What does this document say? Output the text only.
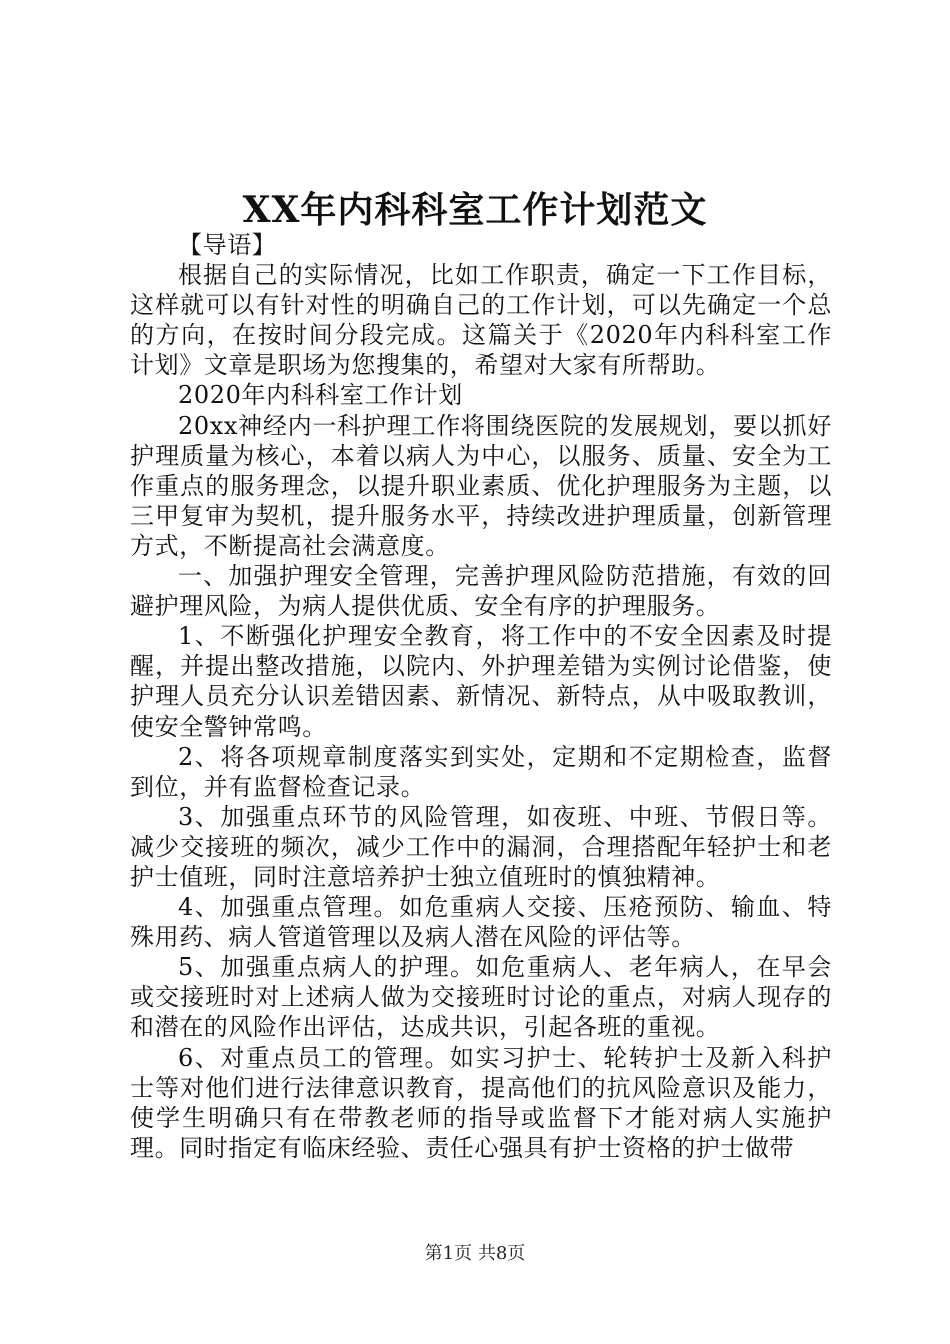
XX年内科科室工作计划范文

【导语】

根据自己的实际情况，比如工作职责，确定一下工作目标，这样就可以有针对性的明确自己的工作计划，可以先确定一个总的方向，在按时间分段完成。这篇关于《2020年内科科室工作计划》文章是职场为您搜集的，希望对大家有所帮助。

2020年内科科室工作计划

20xx神经内一科护理工作将围绕医院的发展规划，要以抓好护理质量为核心，本着以病人为中心，以服务、质量、安全为工作重点的服务理念，以提升职业素质、优化护理服务为主题，以三甲复审为契机，提升服务水平，持续改进护理质量，创新管理方式，不断提高社会满意度。

一、加强护理安全管理，完善护理风险防范措施，有效的回避护理风险，为病人提供优质、安全有序的护理服务。

1、不断强化护理安全教育，将工作中的不安全因素及时提醒，并提出整改措施，以院内、外护理差错为实例讨论借鉴，使护理人员充分认识差错因素、新情况、新特点，从中吸取教训，使安全警钟常鸣。

2、将各项规章制度落实到实处，定期和不定期检查，监督到位，并有监督检查记录。

3、加强重点环节的风险管理，如夜班、中班、节假日等。减少交接班的频次，减少工作中的漏洞，合理搭配年轻护士和老护士值班，同时注意培养护士独立值班时的慎独精神。

4、加强重点管理。如危重病人交接、压疮预防、输血、特殊用药、病人管道管理以及病人潜在风险的评估等。

5、加强重点病人的护理。如危重病人、老年病人，在早会或交接班时对上述病人做为交接班时讨论的重点，对病人现存的和潜在的风险作出评估，达成共识，引起各班的重视。

6、对重点员工的管理。如实习护士、轮转护士及新入科护士等对他们进行法律意识教育，提高他们的抗风险意识及能力，使学生明确只有在带教老师的指导或监督下才能对病人实施护理。同时指定有临床经验、责任心强具有护士资格的护士做带

第1页 共8页
